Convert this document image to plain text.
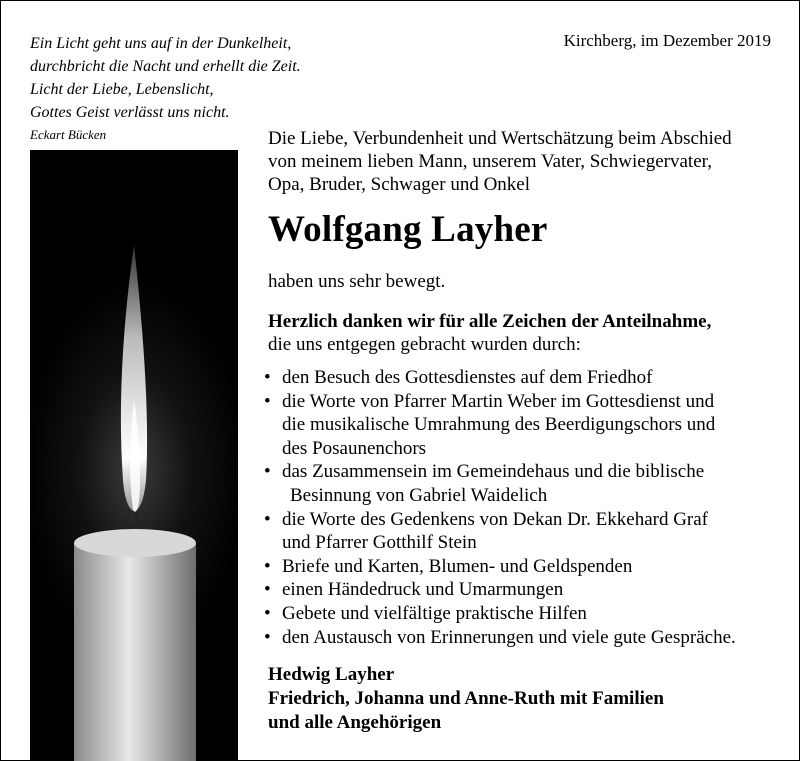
Ein Licht geht uns auf in der Dunkelheit,
durchbricht die Nacht und erhellt die Zeit.
Licht der Liebe, Lebenslicht,
Gottes Geist verlässt uns nicht.
Eckart Bücken
Kirchberg, im Dezember 2019
Die Liebe, Verbundenheit und Wertschätzung beim Abschied
von meinem lieben Mann, unserem Vater, Schwiegervater,
Opa, Bruder, Schwager und Onkel
Wolfgang Layher
haben uns sehr bewegt.
Herzlich danken wir für alle Zeichen der Anteilnahme,
die uns entgegen gebracht wurden durch:
• den Besuch des Gottesdienstes auf dem Friedhof
• die Worte von Pfarrer Martin Weber im Gottesdienst und
die musikalische Umrahmung des Beerdigungschors und
des Posaunenchors
• das Zusammensein im Gemeindehaus und die biblische
Besinnung von Gabriel Waidelich
• die Worte des Gedenkens von Dekan Dr. Ekkehard Graf
und Pfarrer Gotthilf Stein
• Briefe und Karten, Blumen- und Geldspenden
• einen Händedruck und Umarmungen
• Gebete und vielfältige praktische Hilfen
• den Austausch von Erinnerungen und viele gute Gespräche.
Hedwig Layher
Friedrich, Johanna und Anne-Ruth mit Familien
und alle Angehörigen
